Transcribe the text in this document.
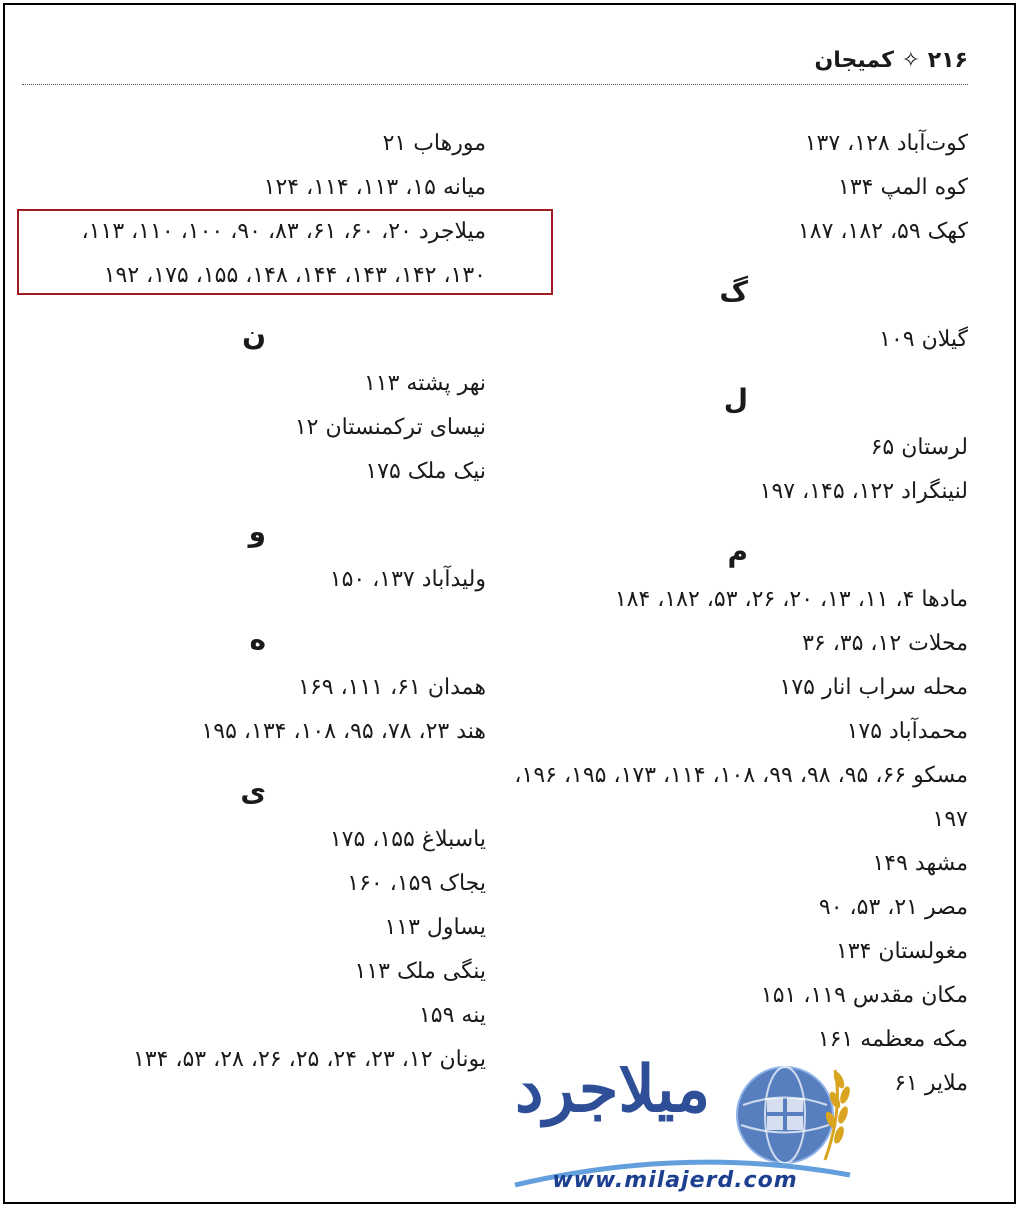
۲۱۶ ✧ کمیجان
کوت‌آباد ۱۲۸، ۱۳۷
کوه المپ ۱۳۴
کهک ۵۹، ۱۸۲، ۱۸۷
گ
گیلان ۱۰۹
ل
لرستان ۶۵
لنینگراد ۱۲۲، ۱۴۵، ۱۹۷
م
مادها ۴، ۱۱، ۱۳، ۲۰، ۲۶، ۵۳، ۱۸۲، ۱۸۴
محلات ۱۲، ۳۵، ۳۶
محله سراب انار ۱۷۵
محمدآباد ۱۷۵
مسکو ۶۶، ۹۵، ۹۸، ۹۹، ۱۰۸، ۱۱۴، ۱۷۳، ۱۹۵، ۱۹۶،
۱۹۷
مشهد ۱۴۹
مصر ۲۱، ۵۳، ۹۰
مغولستان ۱۳۴
مکان مقدس ۱۱۹، ۱۵۱
مکه معظمه ۱۶۱
ملایر ۶۱
مورهاب ۲۱
میانه ۱۵، ۱۱۳، ۱۱۴، ۱۲۴
میلاجرد ۲۰، ۶۰، ۶۱، ۸۳، ۹۰، ۱۰۰، ۱۱۰، ۱۱۳،
۱۳۰، ۱۴۲، ۱۴۳، ۱۴۴، ۱۴۸، ۱۵۵، ۱۷۵، ۱۹۲
ن
نهر پشته ۱۱۳
نیسای ترکمنستان ۱۲
نیک ملک ۱۷۵
و
ولیدآباد ۱۳۷، ۱۵۰
ه
همدان ۶۱، ۱۱۱، ۱۶۹
هند ۲۳، ۷۸، ۹۵، ۱۰۸، ۱۳۴، ۱۹۵
ی
یاسبلاغ ۱۵۵، ۱۷۵
یجاک ۱۵۹، ۱۶۰
یساول ۱۱۳
ینگی ملک ۱۱۳
ینه ۱۵۹
یونان ۱۲، ۲۳، ۲۴، ۲۵، ۲۶، ۲۸، ۵۳، ۱۳۴ میلاجرد
www.milajerd.com
